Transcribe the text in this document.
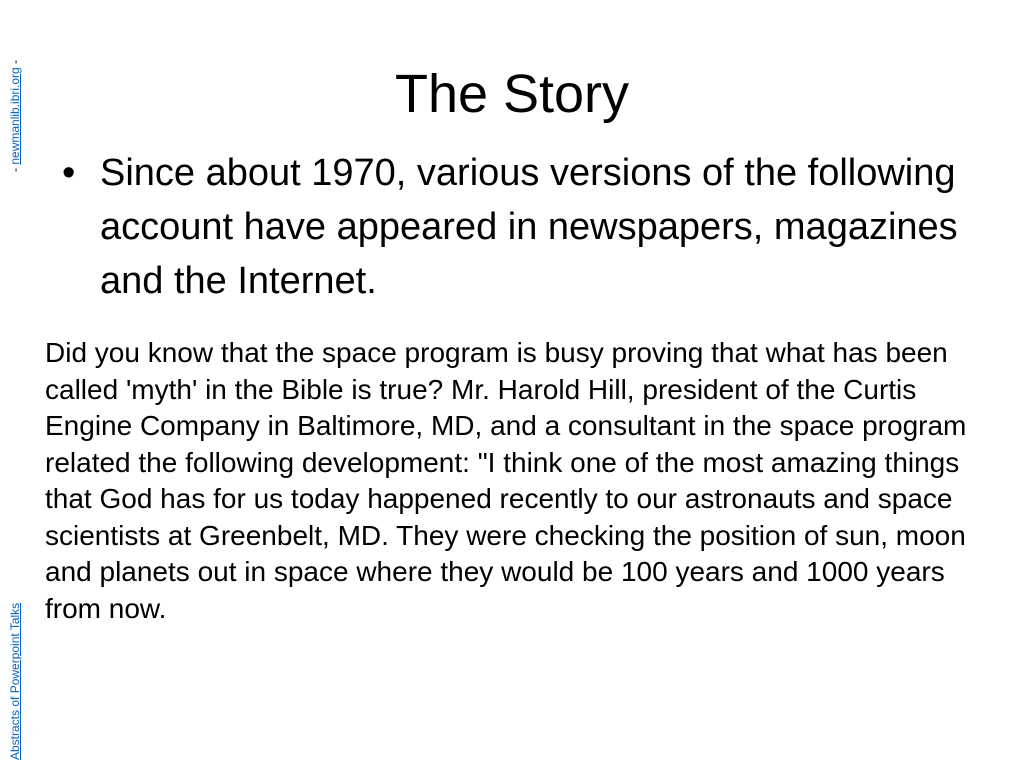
- newmanlib.ibri.org -
The Story
• Since about 1970, various versions of the following account have appeared in newspapers, magazines and the Internet.

Did you know that the space program is busy proving that what has been called 'myth' in the Bible is true? Mr. Harold Hill, president of the Curtis Engine Company in Baltimore, MD, and a consultant in the space program related the following development: "I think one of the most amazing things that God has for us today happened recently to our astronauts and space scientists at Greenbelt, MD. They were checking the position of sun, moon and planets out in space where they would be 100 years and 1000 years from now.

Abstracts of Powerpoint Talks
